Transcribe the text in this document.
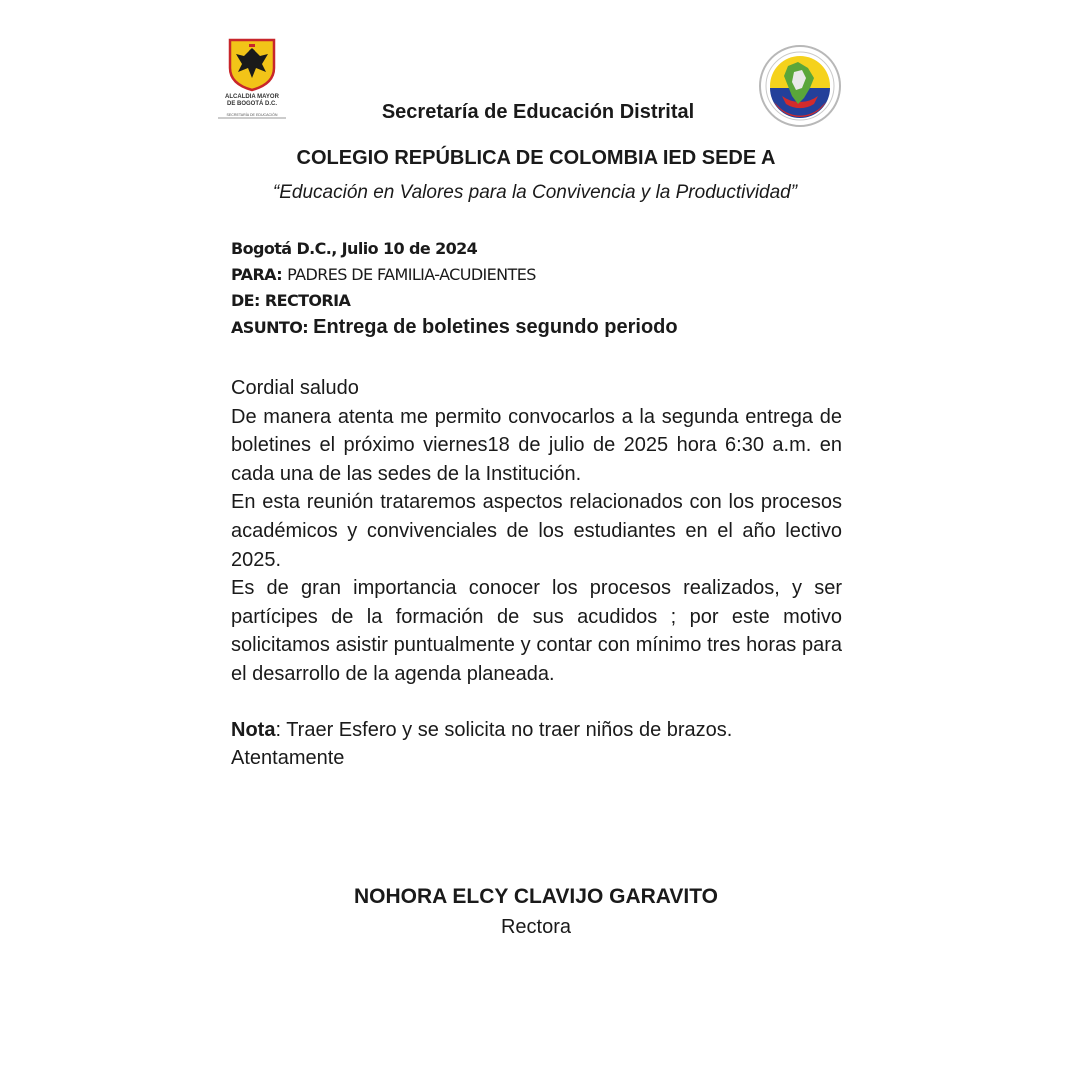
ALCALDIA MAYOR
DE BOGOTÁ D.C.
SECRETARÍA DE EDUCACIÓN	Secretaría de Educación Distrital
COLEGIO REPÚBLICA DE COLOMBIA IED SEDE A
“Educación en Valores para la Convivencia y la Productividad”
Bogotá D.C., Julio 10 de 2024
PARA: PADRES DE FAMILIA-ACUDIENTES
DE: RECTORIA
ASUNTO: Entrega de boletines segundo periodo

Cordial saludo

De manera atenta me permito convocarlos a la segunda entrega de boletines el próximo viernes18 de julio de 2025 hora 6:30 a.m. en cada una de las sedes de la Institución.

En esta reunión trataremos aspectos relacionados con los procesos académicos y convivenciales de los estudiantes en el año lectivo 2025.

Es de gran importancia conocer los procesos realizados, y ser partícipes de la formación de sus acudidos ; por este motivo solicitamos asistir puntualmente y contar con mínimo tres horas para el desarrollo de la agenda planeada.

Nota: Traer Esfero y se solicita no traer niños de brazos.

Atentamente

NOHORA ELCY CLAVIJO GARAVITO
Rectora
